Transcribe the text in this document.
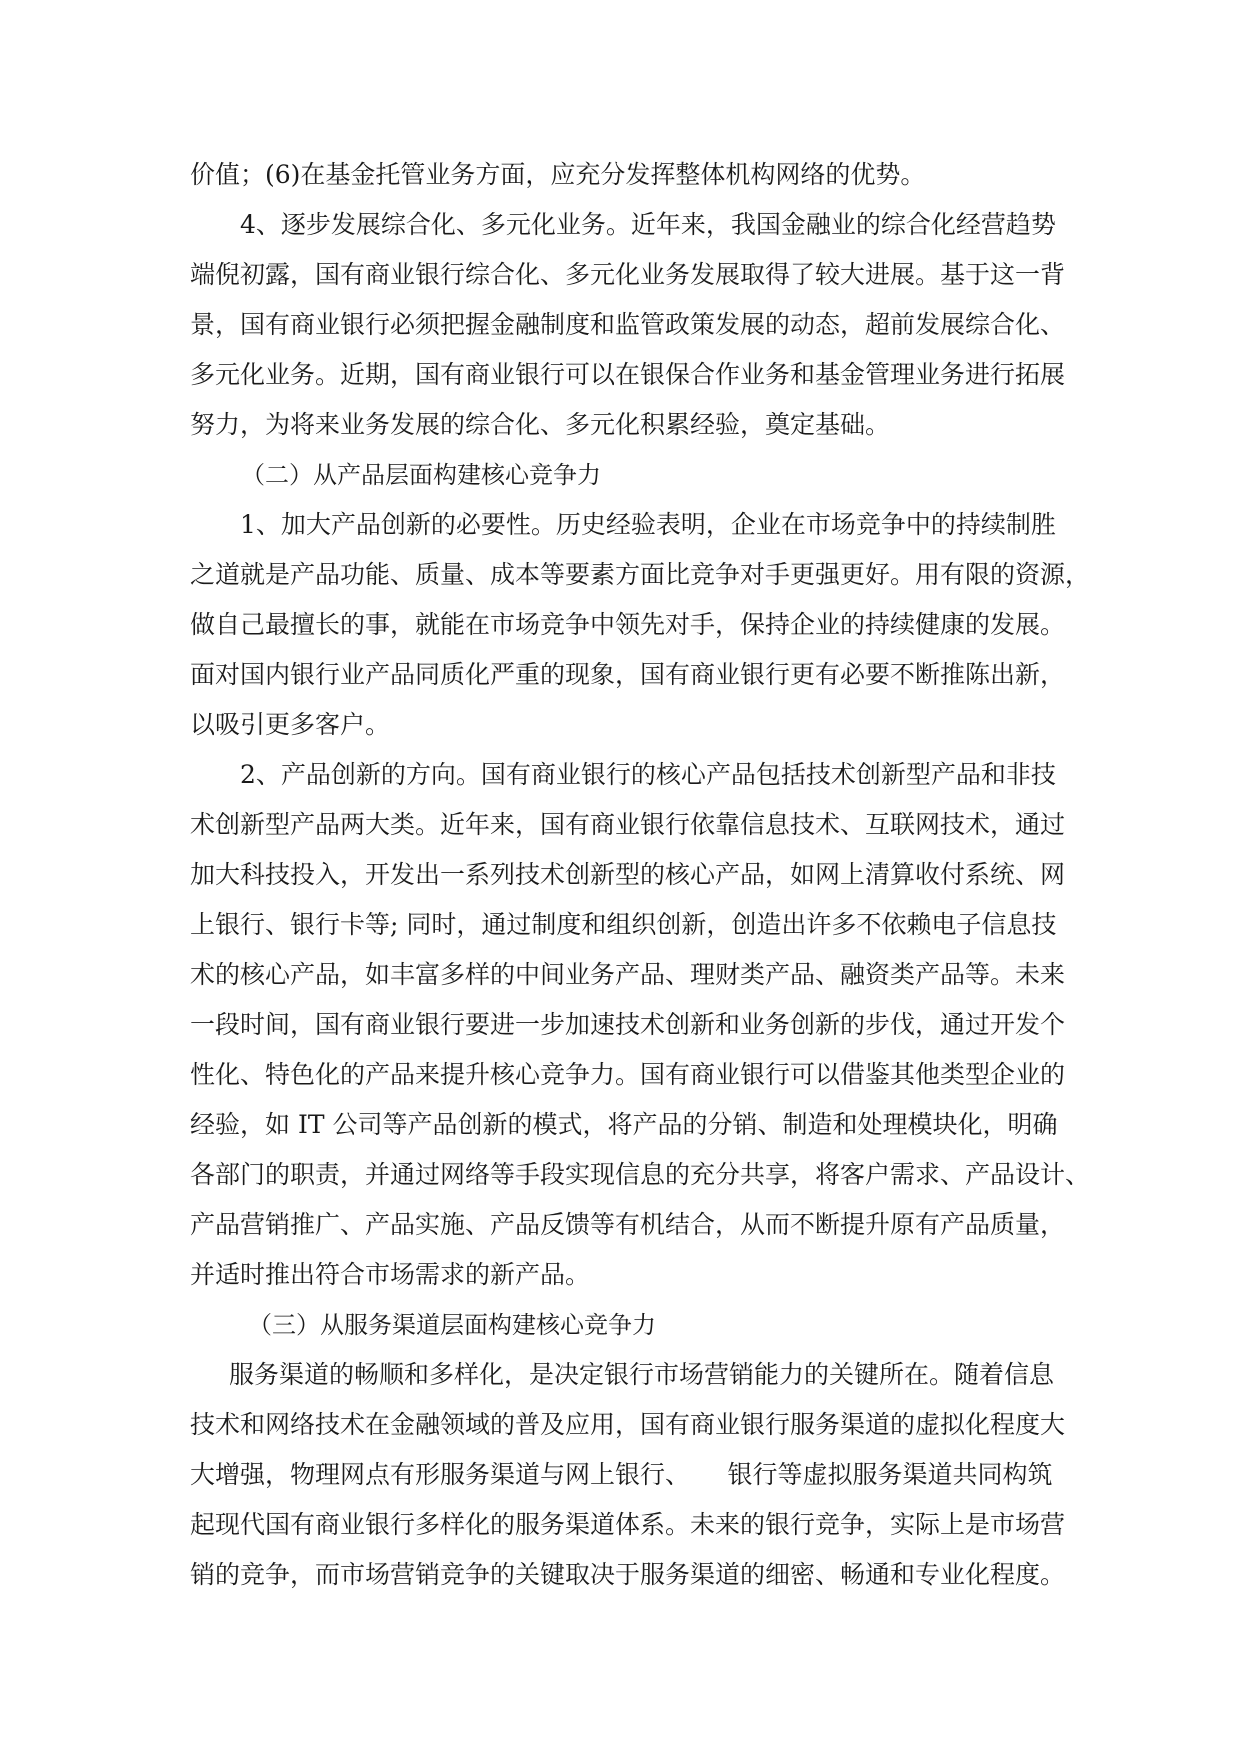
价值；(6)在基金托管业务方面，应充分发挥整体机构网络的优势。
4、逐步发展综合化、多元化业务。近年来，我国金融业的综合化经营趋势
端倪初露，国有商业银行综合化、多元化业务发展取得了较大进展。基于这一背
景，国有商业银行必须把握金融制度和监管政策发展的动态，超前发展综合化、
多元化业务。近期，国有商业银行可以在银保合作业务和基金管理业务进行拓展
努力，为将来业务发展的综合化、多元化积累经验，奠定基础。
（二）从产品层面构建核心竞争力
1、加大产品创新的必要性。历史经验表明，企业在市场竞争中的持续制胜
之道就是产品功能、质量、成本等要素方面比竞争对手更强更好。用有限的资源，
做自己最擅长的事，就能在市场竞争中领先对手，保持企业的持续健康的发展。
面对国内银行业产品同质化严重的现象，国有商业银行更有必要不断推陈出新，
以吸引更多客户。
2、产品创新的方向。国有商业银行的核心产品包括技术创新型产品和非技
术创新型产品两大类。近年来，国有商业银行依靠信息技术、互联网技术，通过
加大科技投入，开发出一系列技术创新型的核心产品，如网上清算收付系统、网
上银行、银行卡等; 同时，通过制度和组织创新，创造出许多不依赖电子信息技
术的核心产品，如丰富多样的中间业务产品、理财类产品、融资类产品等。未来
一段时间，国有商业银行要进一步加速技术创新和业务创新的步伐，通过开发个
性化、特色化的产品来提升核心竞争力。国有商业银行可以借鉴其他类型企业的
经验，如 IT 公司等产品创新的模式，将产品的分销、制造和处理模块化，明确
各部门的职责，并通过网络等手段实现信息的充分共享，将客户需求、产品设计、
产品营销推广、产品实施、产品反馈等有机结合，从而不断提升原有产品质量，
并适时推出符合市场需求的新产品。
（三）从服务渠道层面构建核心竞争力
服务渠道的畅顺和多样化，是决定银行市场营销能力的关键所在。随着信息
技术和网络技术在金融领域的普及应用，国有商业银行服务渠道的虚拟化程度大
大增强，物理网点有形服务渠道与网上银行、　　银行等虚拟服务渠道共同构筑
起现代国有商业银行多样化的服务渠道体系。未来的银行竞争，实际上是市场营
销的竞争，而市场营销竞争的关键取决于服务渠道的细密、畅通和专业化程度。
